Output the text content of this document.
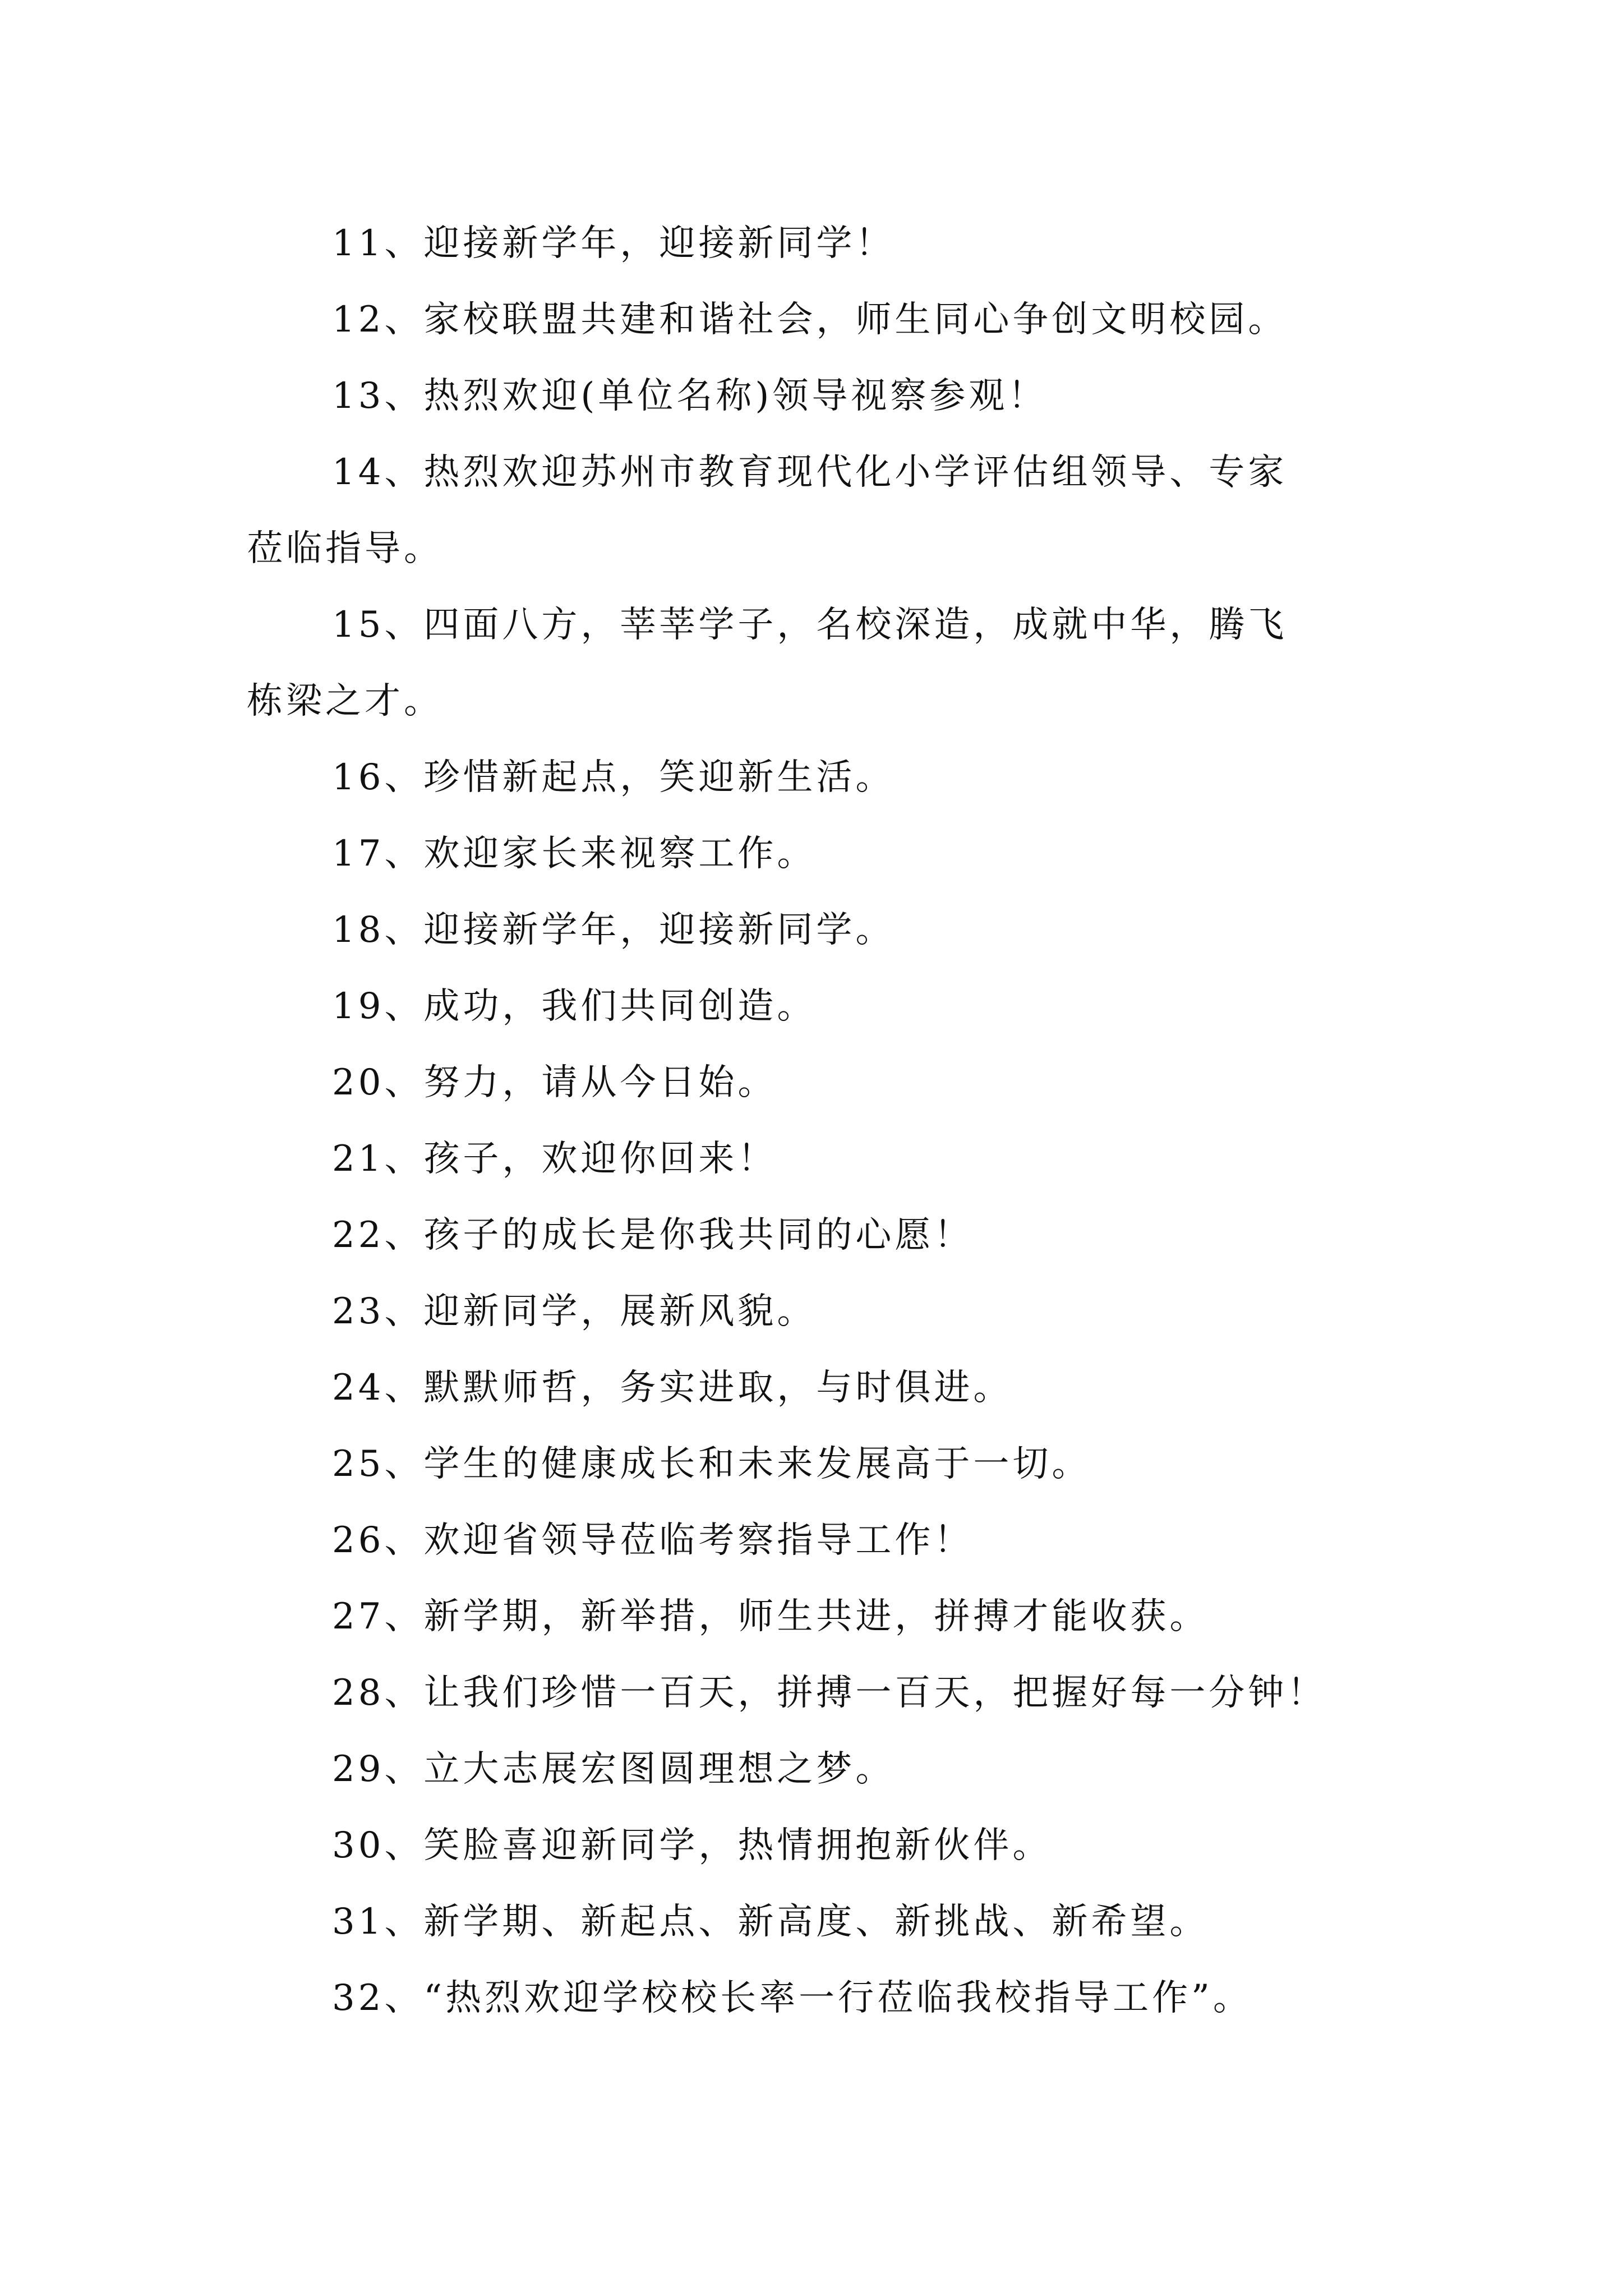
11、迎接新学年，迎接新同学！
12、家校联盟共建和谐社会，师生同心争创文明校园。
13、热烈欢迎(单位名称)领导视察参观！
14、热烈欢迎苏州市教育现代化小学评估组领导、专家
莅临指导。
15、四面八方，莘莘学子，名校深造，成就中华，腾飞
栋梁之才。
16、珍惜新起点，笑迎新生活。
17、欢迎家长来视察工作。
18、迎接新学年，迎接新同学。
19、成功，我们共同创造。
20、努力，请从今日始。
21、孩子，欢迎你回来！
22、孩子的成长是你我共同的心愿！
23、迎新同学，展新风貌。
24、默默师哲，务实进取，与时俱进。
25、学生的健康成长和未来发展高于一切。
26、欢迎省领导莅临考察指导工作！
27、新学期，新举措，师生共进，拼搏才能收获。
28、让我们珍惜一百天，拼搏一百天，把握好每一分钟！
29、立大志展宏图圆理想之梦。
30、笑脸喜迎新同学，热情拥抱新伙伴。
31、新学期、新起点、新高度、新挑战、新希望。
32、“热烈欢迎学校校长率一行莅临我校指导工作”。
